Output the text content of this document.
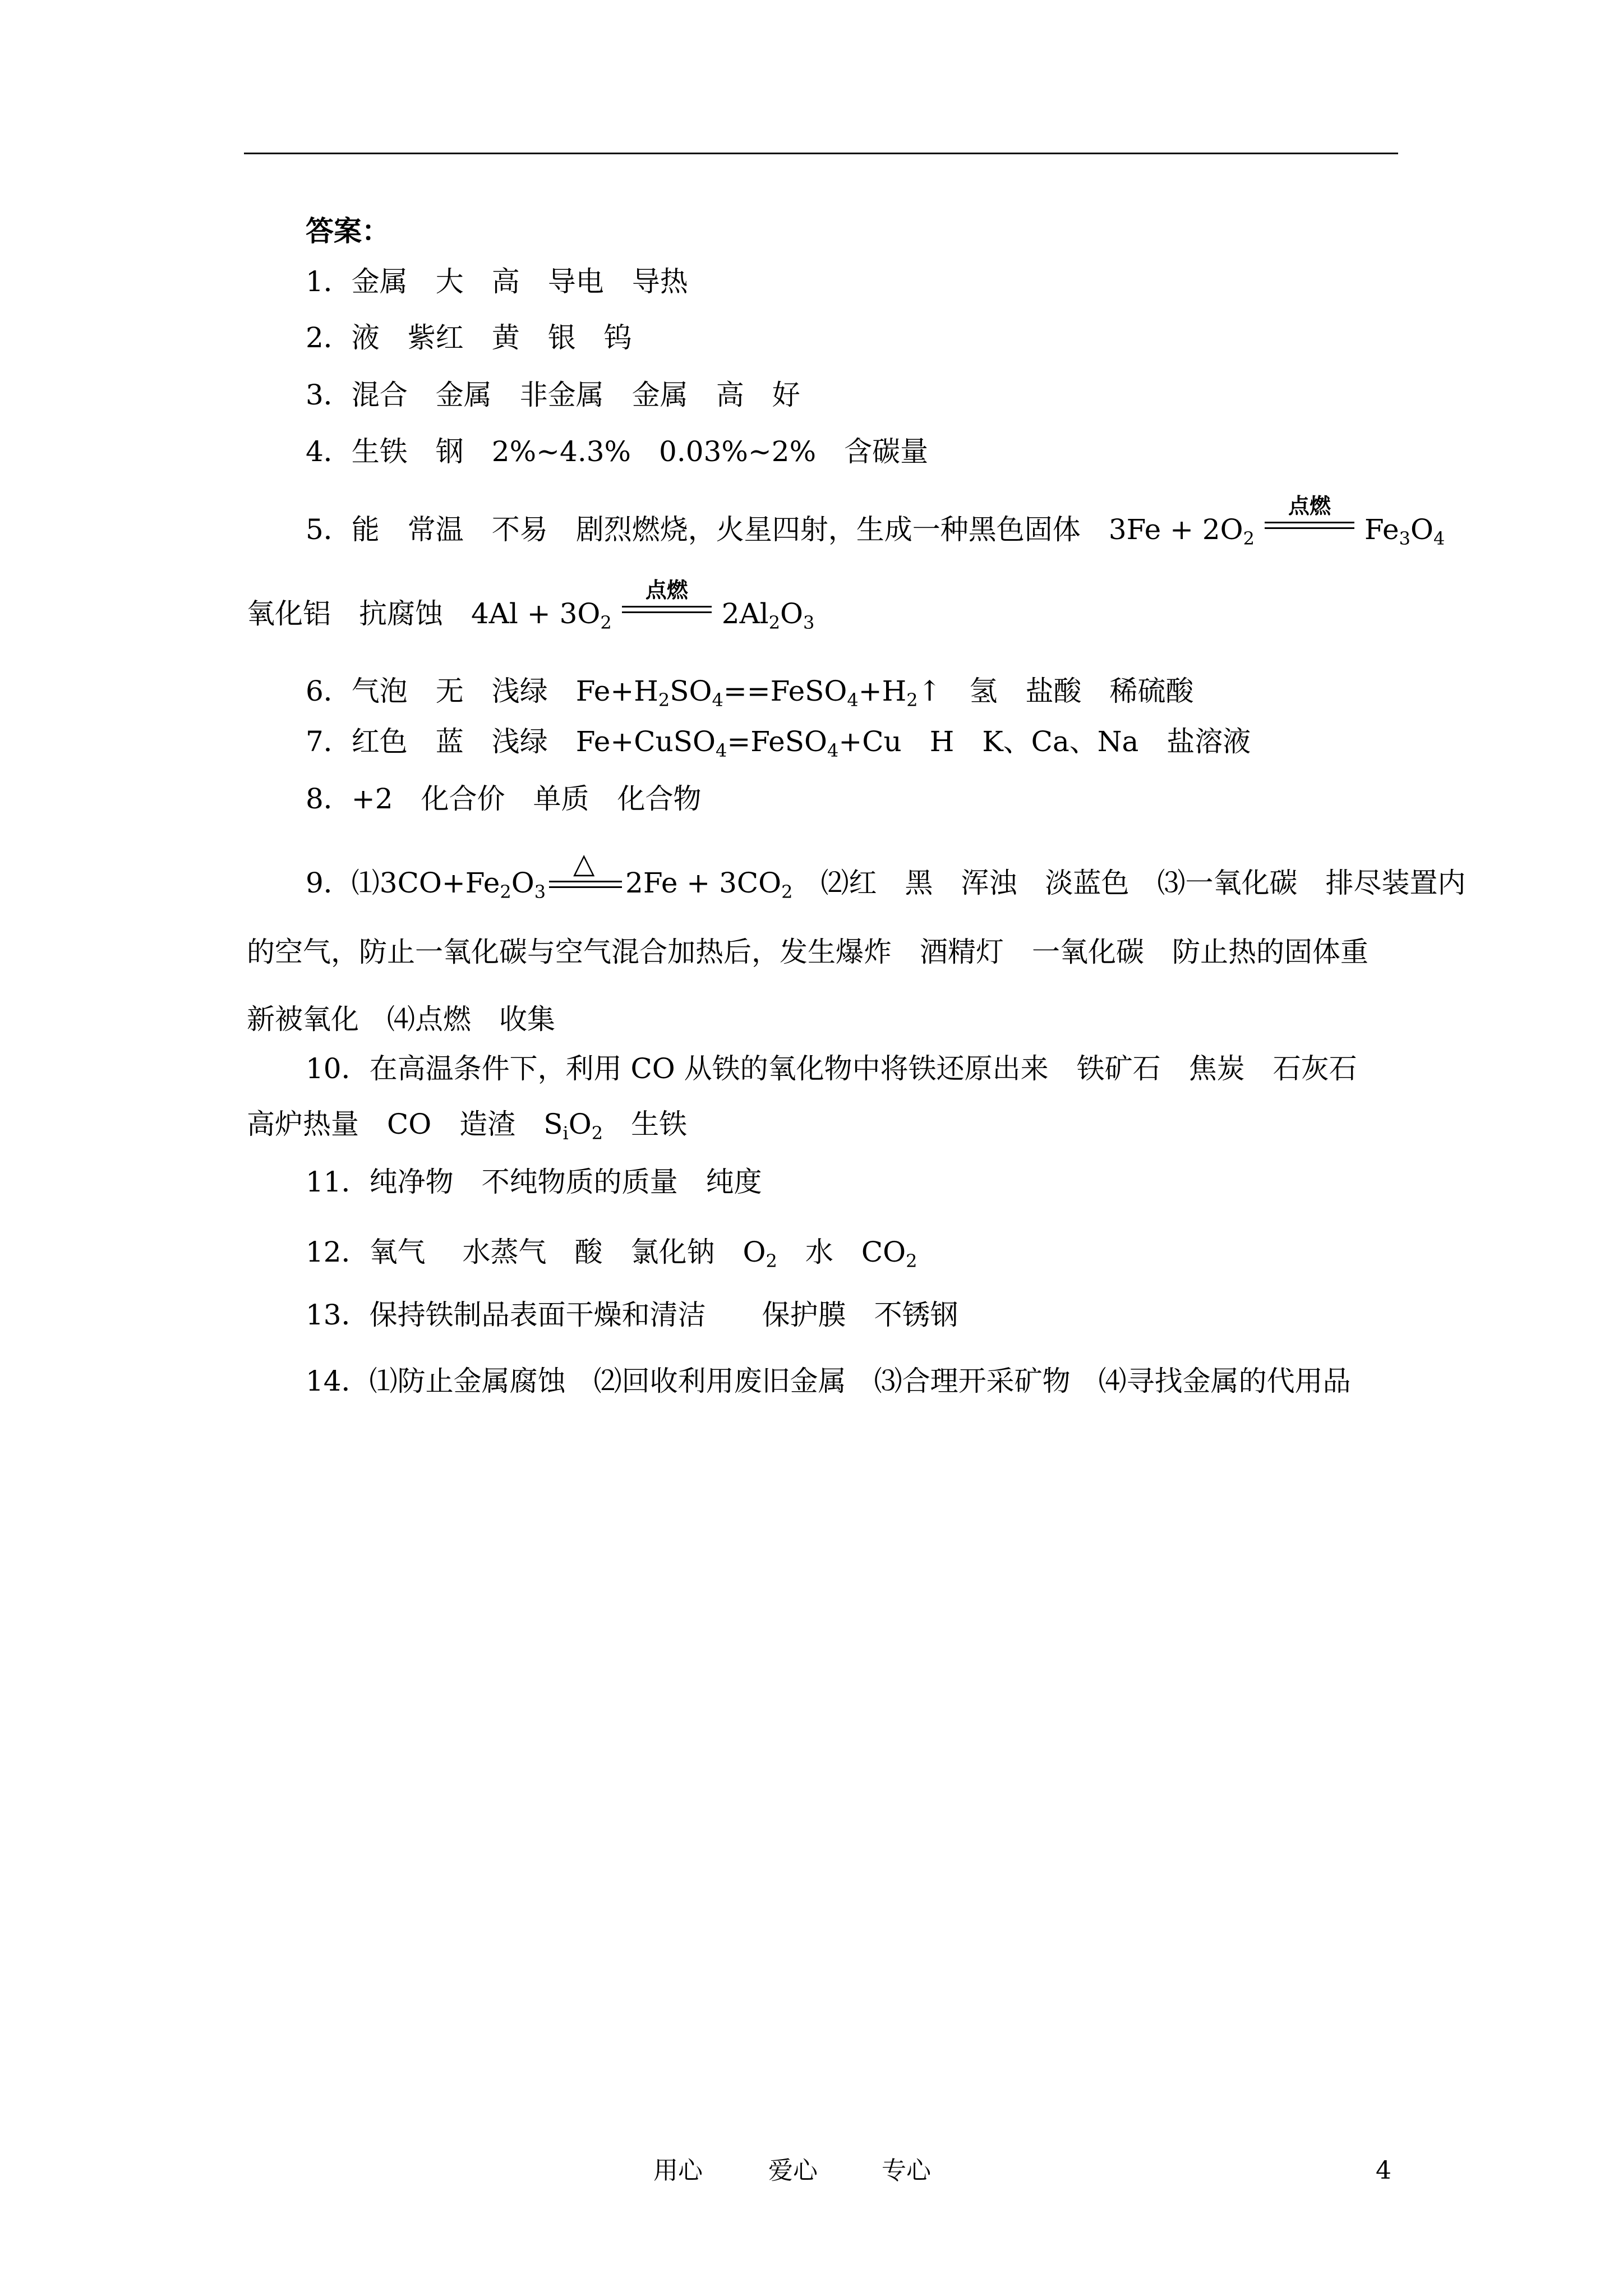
答案：
1．金属　大　高　导电　导热
2．液　紫红　黄　银　钨
3．混合　金属　非金属　金属　高　好
4．生铁　钢　2%~4.3%　0.03%~2%　含碳量
5．能　常温　不易　剧烈燃烧，火星四射，生成一种黑色固体 $3Fe + 2O_2$
点燃
$Fe_3O_4$
氧化铝　抗腐蚀 $4Al + 3O_2$
点燃
$2Al_2O_3$
6．气泡　无　浅绿　$Fe+H_2SO_4==FeSO_4+H_2↑$　氢　盐酸　稀硫酸
7．红色　蓝　浅绿　Fe+CuSO$_4$=FeSO$_4$+Cu　H　K、Ca、Na　盐溶液
8．+2　化合价　单质　化合物
9．$⑴3CO+Fe_2O_3$
△
$2Fe + 3CO_2$ ⑵红　黑　浑浊　淡蓝色　⑶一氧化碳　排尽装置内
的空气，防止一氧化碳与空气混合加热后，发生爆炸　酒精灯　一氧化碳　防止热的固体重
新被氧化　⑷点燃　收集
10．在高温条件下，利用 CO 从铁的氧化物中将铁还原出来　铁矿石　焦炭　石灰石
高炉热量　CO　造渣　$S_iO_2$ 生铁
11．纯净物　不纯物质的质量　纯度
12．氧气　 水蒸气　酸　氯化钠 $O_2$ 水 $CO_2$
13．保持铁制品表面干燥和清洁　　保护膜　不锈钢
14．⑴防止金属腐蚀　⑵回收利用废旧金属　⑶合理开采矿物　⑷寻找金属的代用品
用心	爱心	专心	4
